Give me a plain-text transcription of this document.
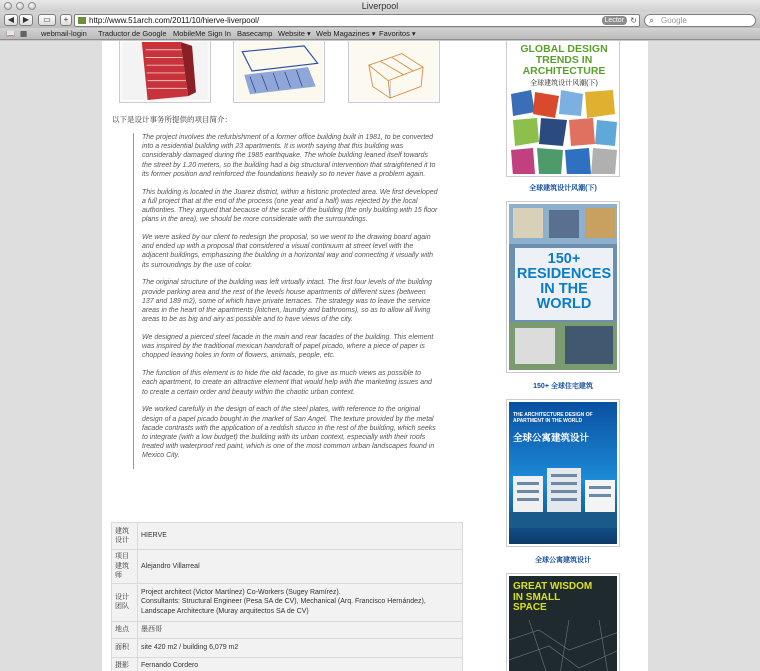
Liverpool
◀	▶	▭	+	http://www.51arch.com/2011/10/hierve-liverpool/	Lector ↻ ⌕ Google
📖 ▦ webmail-login Traductor de Google MobileMe Sign In Basecamp Website ▾ Web Magazines ▾ Favoritos ▾
以下是设计事务所提供的项目简介：

The project involves the refurbishment of a former office building built in 1981, to be converted into a residential building with 23 apartments. It is worth saying that this building was considerably damaged during the 1985 earthquake. The whole building leaned itself towards the street by 1.20 meters, so the building had a big structural intervention that straightened it to its former position and reinforced the foundations heavily so to never have a problem again.

This building is located in the Juarez district, within a historic protected area. We first developed a full project that at the end of the process (one year and a half) was rejected by the local authorities. They argued that because of the scale of the building (the only building with 15 floor plans in the area), we should be more considerate with the surroundings.

We were asked by our client to redesign the proposal, so we went to the drawing board again and ended up with a proposal that considered a visual continuum at street level with the adjacent buildings, emphasizing the building in a horizontal way and connecting it visually with its surroundings by the use of color.

The original structure of the building was left virtually intact. The first four levels of the building provide parking area and the rest of the levels house apartments of different sizes (between 137 and 189 m2), some of which have private terraces. The strategy was to leave the service areas in the heart of the apartments (kitchen, laundry and bathrooms), so as to allow all living areas to be as big and airy as possible and to have views of the city.

We designed a pierced steel facade in the main and rear facades of the building. This element was inspired by the traditional mexican handcraft of papel picado, where a piece of paper is chopped leaving holes in form of flowers, animals, people, etc.

The function of this element is to hide the old facade, to give as much views as possible to each apartment, to create an attractive element that would help with the marketing issues and to create a certain order and beauty within the chaotic urban context.

We worked carefully in the design of each of the steel plates, with reference to the original design of a papel picado bought in the market of San Angel. The texture provided by the metal facade contrasts with the application of a reddish stucco in the rest of the building, which seeks to integrate (with a low budget) the building with its urban context, especially with their roofs treated with waterproof red paint, which is one of the most common urban landscapes found in Mexico City.

建筑设计	HIERVE
项目建筑师	Alejandro Villarreal
设计团队	Project architect (Victor Martínez) Co-Workers (Sugey Ramírez).
Consultants: Structural Engineer (Pesa SA de CV), Mechanical (Arq. Francisco Hernández), Landscape Architecture (Muray arquitectos SA de CV)
地点	墨西哥
面积	site 420 m2 / building 6,079 m2
摄影	Fernando Cordero
GLOBAL DESIGN TRENDS IN ARCHITECTURE
全球建筑设计风潮(下)
全球建筑设计风潮(下)
150+ RESIDENCES IN THE WORLD
150+ 全球住宅建筑
THE ARCHITECTURE DESIGN OF APARTMENT IN THE WORLD
全球公寓建筑设计
全球公寓建筑设计
GREAT WISDOM IN SMALL SPACE
